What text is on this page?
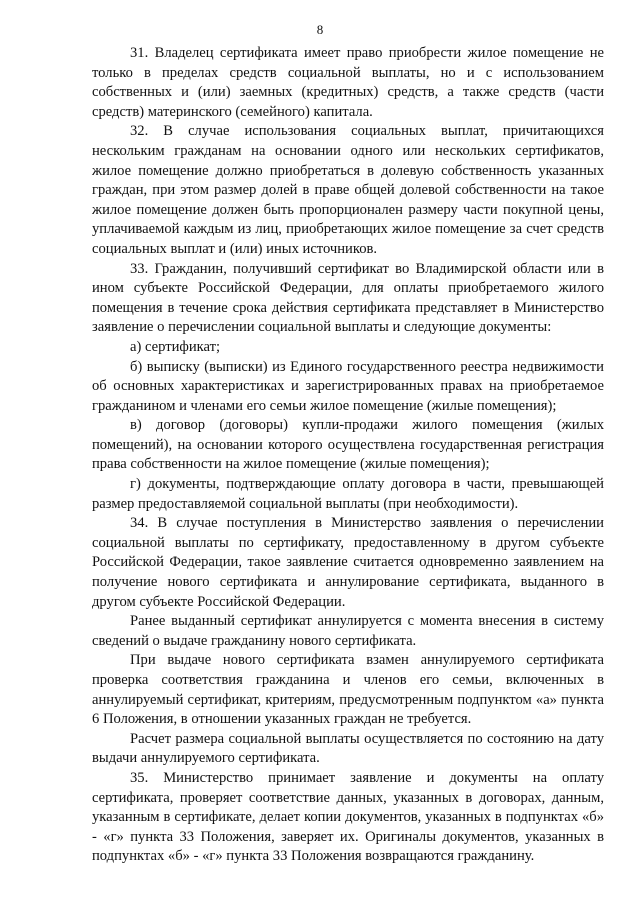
8

31. Владелец сертификата имеет право приобрести жилое помещение не только в пределах средств социальной выплаты, но и с использованием собственных и (или) заемных (кредитных) средств, а также средств (части средств) материнского (семейного) капитала.

32. В случае использования социальных выплат, причитающихся нескольким гражданам на основании одного или нескольких сертификатов, жилое помещение должно приобретаться в долевую собственность указанных граждан, при этом размер долей в праве общей долевой собственности на такое жилое помещение должен быть пропорционален размеру части покупной цены, уплачиваемой каждым из лиц, приобретающих жилое помещение за счет средств социальных выплат и (или) иных источников.

33. Гражданин, получивший сертификат во Владимирской области или в ином субъекте Российской Федерации, для оплаты приобретаемого жилого помещения в течение срока действия сертификата представляет в Министерство заявление о перечислении социальной выплаты и следующие документы:

а) сертификат;

б) выписку (выписки) из Единого государственного реестра недвижимости об основных характеристиках и зарегистрированных правах на приобретаемое гражданином и членами его семьи жилое помещение (жилые помещения);

в) договор (договоры) купли-продажи жилого помещения (жилых помещений), на основании которого осуществлена государственная регистрация права собственности на жилое помещение (жилые помещения);

г) документы, подтверждающие оплату договора в части, превышающей размер предоставляемой социальной выплаты (при необходимости).

34. В случае поступления в Министерство заявления о перечислении социальной выплаты по сертификату, предоставленному в другом субъекте Российской Федерации, такое заявление считается одновременно заявлением на получение нового сертификата и аннулирование сертификата, выданного в другом субъекте Российской Федерации.

Ранее выданный сертификат аннулируется с момента внесения в систему сведений о выдаче гражданину нового сертификата.

При выдаче нового сертификата взамен аннулируемого сертификата проверка соответствия гражданина и членов его семьи, включенных в аннулируемый сертификат, критериям, предусмотренным подпунктом «а» пункта 6 Положения, в отношении указанных граждан не требуется.

Расчет размера социальной выплаты осуществляется по состоянию на дату выдачи аннулируемого сертификата.

35. Министерство принимает заявление и документы на оплату сертификата, проверяет соответствие данных, указанных в договорах, данным, указанным в сертификате, делает копии документов, указанных в подпунктах «б» - «г» пункта 33 Положения, заверяет их. Оригиналы документов, указанных в подпунктах «б» - «г» пункта 33 Положения возвращаются гражданину.
